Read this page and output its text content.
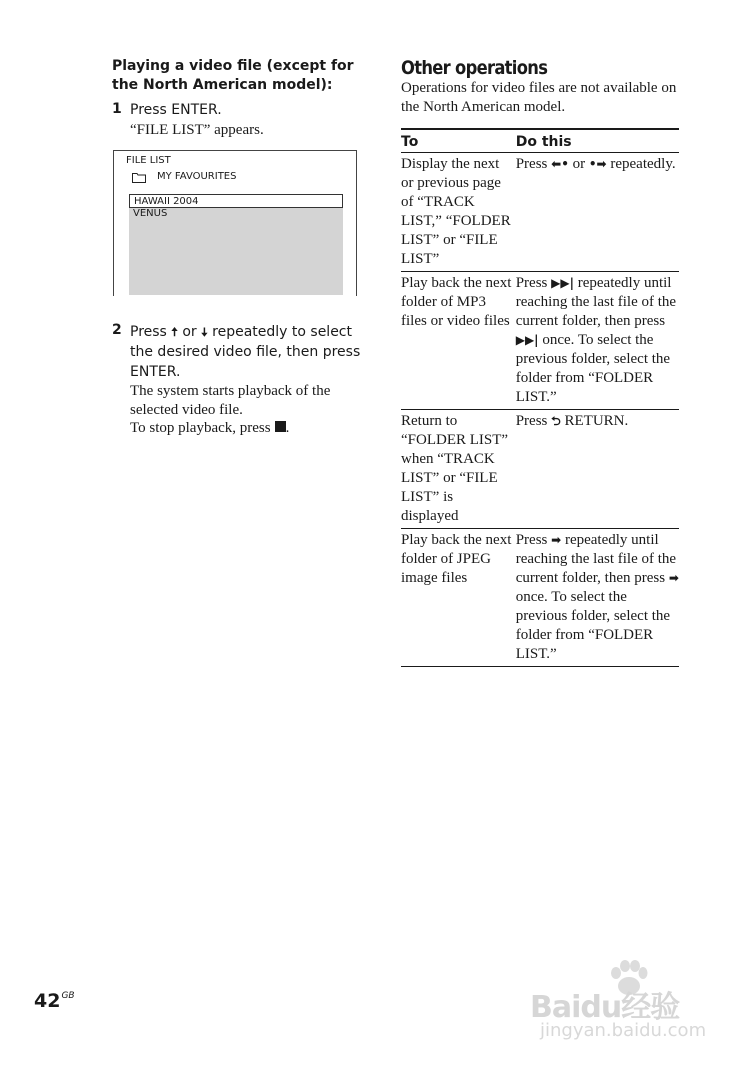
Playing a video file (except for the North American model):
1 Press ENTER.
“FILE LIST” appears.
FILE LIST
MY FAVOURITES
HAWAII 2004
VENUS
2 Press 🠅 or 🠇 repeatedly to select the desired video file, then press ENTER.
The system starts playback of the selected video file.
To stop playback, press .
Other operations
Operations for video files are not available on the North American model.
To	Do this
Display the next or previous page of “TRACK LIST,” “FOLDER LIST” or “FILE LIST”	Press ⬅• or •➡ repeatedly.
Play back the next folder of MP3 files or video files	Press ▶▶| repeatedly until reaching the last file of the current folder, then press ▶▶| once. To select the previous folder, select the folder from “FOLDER LIST.”
Return to “FOLDER LIST” when “TRACK LIST” or “FILE LIST” is displayed	Press ⮌ RETURN.
Play back the next folder of JPEG image files	Press ➡ repeatedly until reaching the last file of the current folder, then press ➡ once. To select the previous folder, select the folder from “FOLDER LIST.”
$42^{GB}$	Baidu经验
jingyan.baidu.com
